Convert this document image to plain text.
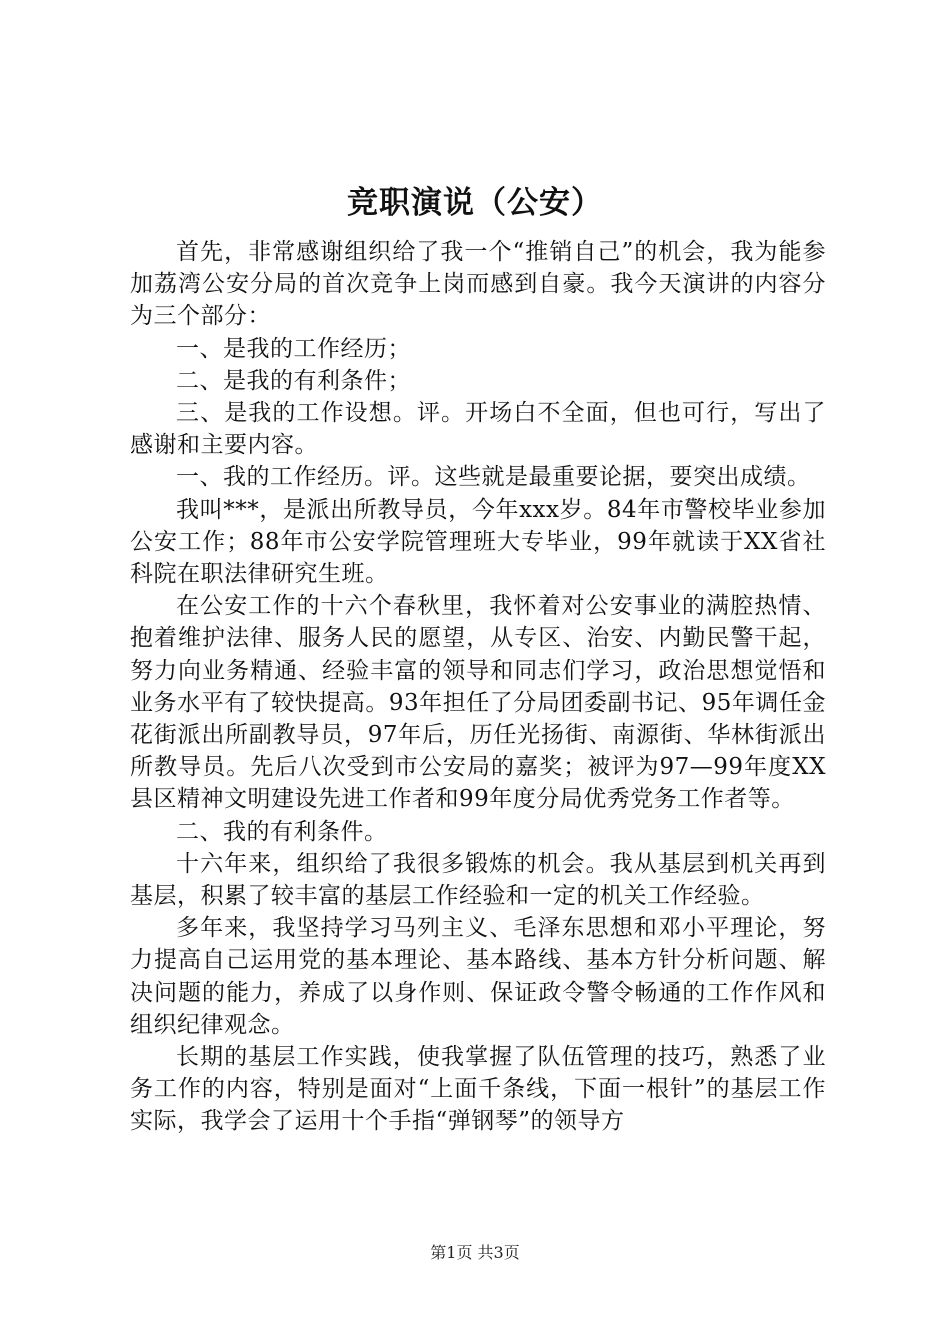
竞职演说（公安）

首先，非常感谢组织给了我一个“推销自己”的机会，我为能参加荔湾公安分局的首次竞争上岗而感到自豪。我今天演讲的内容分为三个部分：

一、是我的工作经历；

二、是我的有利条件；

三、是我的工作设想。评。开场白不全面，但也可行，写出了感谢和主要内容。

一、我的工作经历。评。这些就是最重要论据，要突出成绩。

我叫***，是派出所教导员，今年xxx岁。84年市警校毕业参加公安工作；88年市公安学院管理班大专毕业，99年就读于XX省社科院在职法律研究生班。

在公安工作的十六个春秋里，我怀着对公安事业的满腔热情、抱着维护法律、服务人民的愿望，从专区、治安、内勤民警干起，努力向业务精通、经验丰富的领导和同志们学习，政治思想觉悟和业务水平有了较快提高。93年担任了分局团委副书记、95年调任金花街派出所副教导员，97年后，历任光扬街、南源街、华林街派出所教导员。先后八次受到市公安局的嘉奖；被评为97—99年度XX县区精神文明建设先进工作者和99年度分局优秀党务工作者等。

二、我的有利条件。

十六年来，组织给了我很多锻炼的机会。我从基层到机关再到基层，积累了较丰富的基层工作经验和一定的机关工作经验。

多年来，我坚持学习马列主义、毛泽东思想和邓小平理论，努力提高自己运用党的基本理论、基本路线、基本方针分析问题、解决问题的能力，养成了以身作则、保证政令警令畅通的工作作风和组织纪律观念。

长期的基层工作实践，使我掌握了队伍管理的技巧，熟悉了业务工作的内容，特别是面对“上面千条线，下面一根针”的基层工作实际，我学会了运用十个手指“弹钢琴”的领导方

第1页 共3页
